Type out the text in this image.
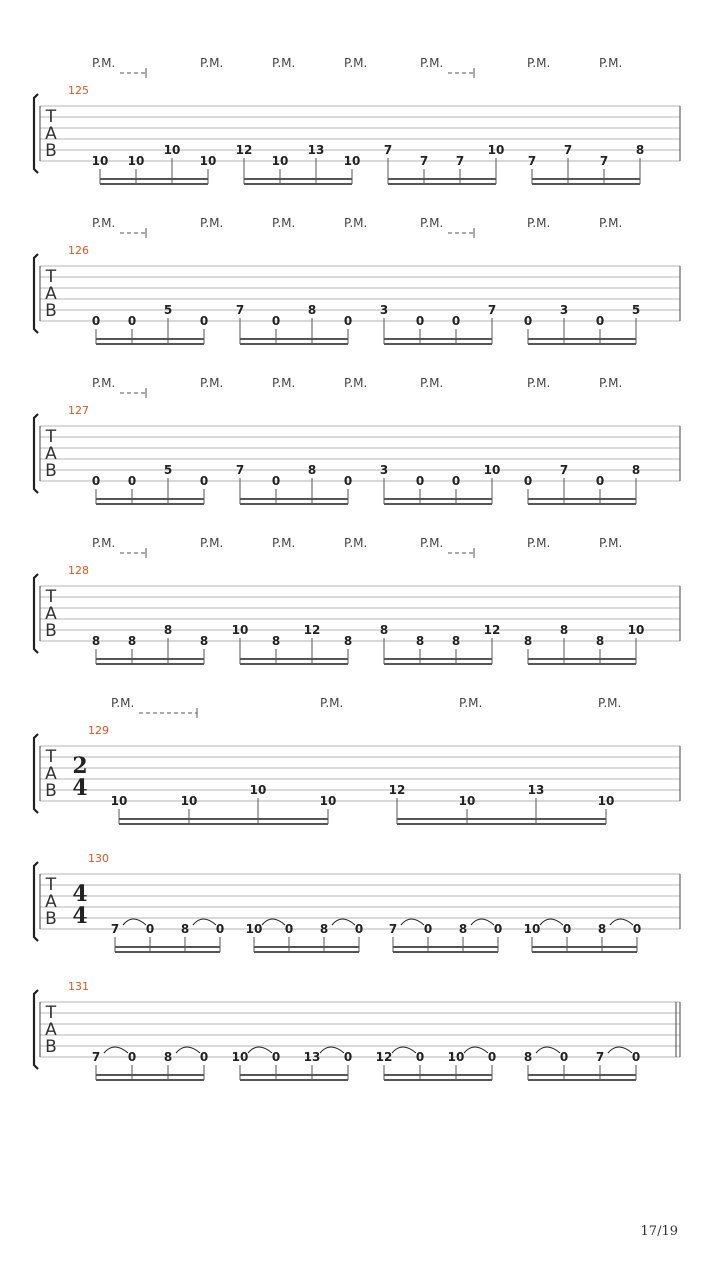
T
A
B
125
P.M.	P.M.	P.M.	P.M.	P.M.	P.M.	P.M.
10 10
10
10
12
10
13
10
7
7 7
10
7
7
7
8
T
A
B
126
P.M.	P.M.	P.M.	P.M.	P.M.	P.M.	P.M.
0 0
5
0
7
0
8
0
3
0 0
7
0
3
0
5
T
A
B
127
P.M.	P.M.	P.M.	P.M.	P.M.	P.M.	P.M.
0 0
5
0
7
0
8
0
3
0 0
10
0
7
0
8
T
A
B
128
P.M.	P.M.	P.M.	P.M.	P.M.	P.M.	P.M.
8 8
8
8
10
8
12
8
8
8 8
12
8
8
8
10
T
A
B
129
2
4
P.M.	P.M.	P.M.	P.M.
10	10
10
10
12
10
13
10
T
A
B
130
4
4 7 0 8 0 10 0 8 0 7 0 8 0 10 0 8 0
T
A
B
131
7 0 8 0 10 0 13 0 12 0 10 0 8 0 7 0
17/19
